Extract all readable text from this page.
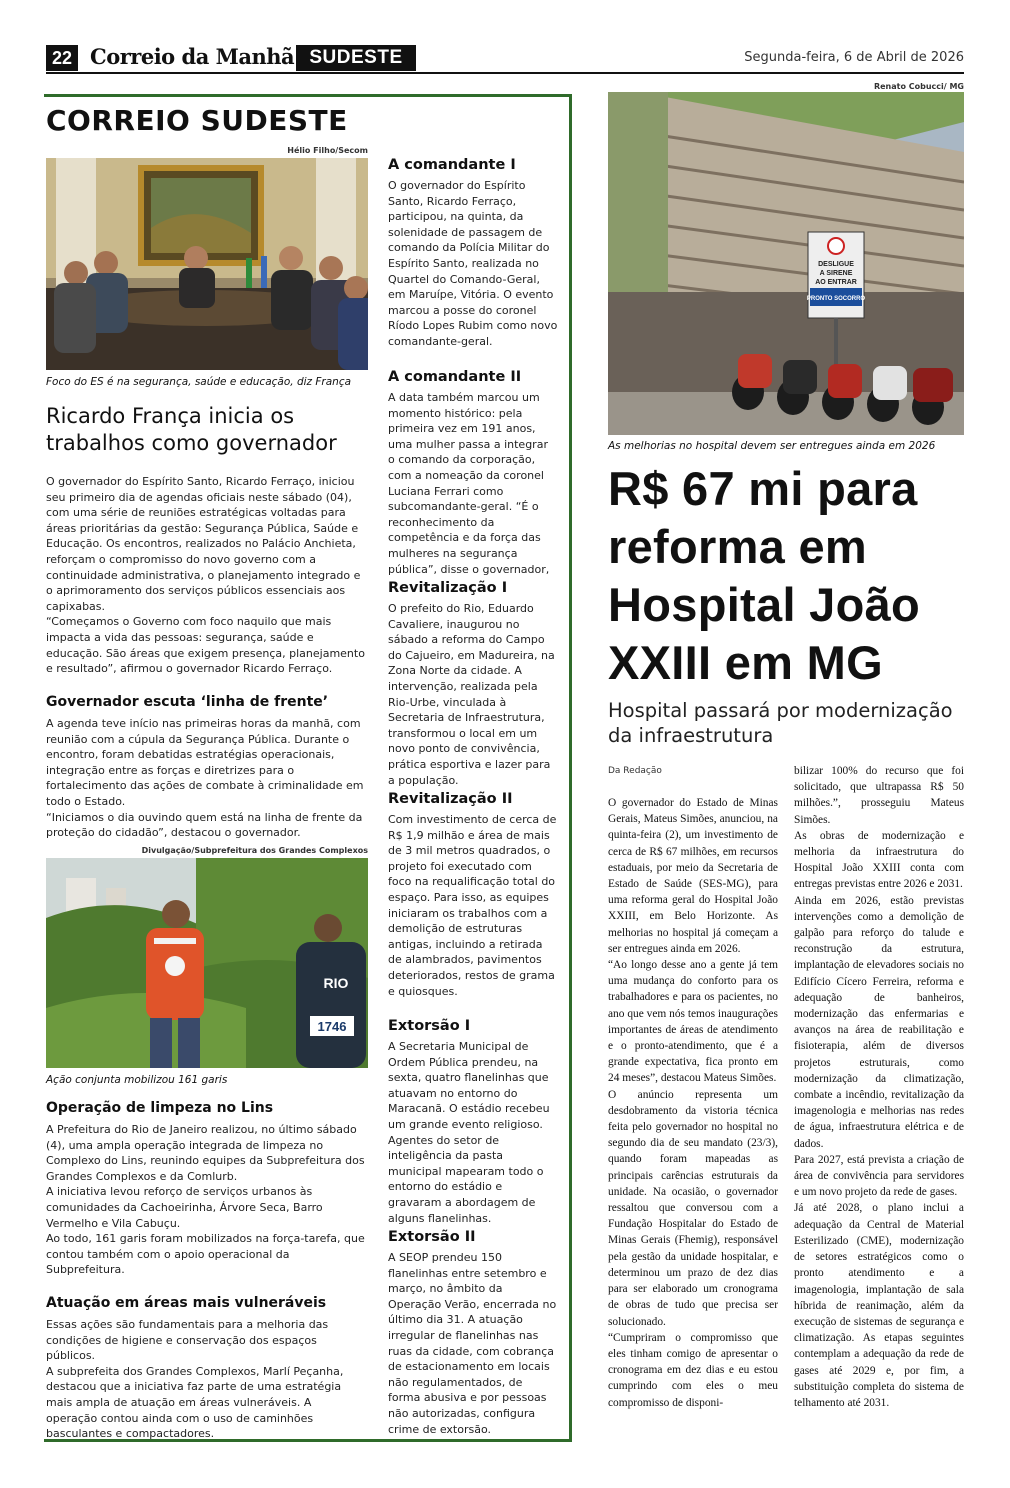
22 Correio da Manhã SUDESTE	Segunda-feira, 6 de Abril de 2026
CORREIO SUDESTE
Hélio Filho/Secom
Foco do ES é na segurança, saúde e educação, diz França
Ricardo França inicia os trabalhos como governador
O governador do Espírito Santo, Ricardo Ferraço, iniciou seu primeiro dia de agendas oficiais neste sábado (04), com uma série de reuniões estratégicas voltadas para áreas prioritárias da gestão: Segurança Pública, Saúde e Educação. Os encontros, realizados no Palácio Anchieta, reforçam o compromisso do novo governo com a continuidade administrativa, o planejamento integrado e o aprimoramento dos serviços públicos essenciais aos capixabas.
“Começamos o Governo com foco naquilo que mais impacta a vida das pessoas: segurança, saúde e educação. São áreas que exigem presença, planejamento e resultado”, afirmou o governador Ricardo Ferraço.
Governador escuta ‘linha de frente’
A agenda teve início nas primeiras horas da manhã, com reunião com a cúpula da Segurança Pública. Durante o encontro, foram debatidas estratégias operacionais, integração entre as forças e diretrizes para o fortalecimento das ações de combate à criminalidade em todo o Estado.
“Iniciamos o dia ouvindo quem está na linha de frente da proteção do cidadão”, destacou o governador.
Divulgação/Subprefeitura dos Grandes Complexos
RIO
1746
Ação conjunta mobilizou 161 garis
Operação de limpeza no Lins
A Prefeitura do Rio de Janeiro realizou, no último sábado (4), uma ampla operação integrada de limpeza no Complexo do Lins, reunindo equipes da Subprefeitura dos Grandes Complexos e da Comlurb.
A iniciativa levou reforço de serviços urbanos às comunidades da Cachoeirinha, Árvore Seca, Barro Vermelho e Vila Cabuçu.
Ao todo, 161 garis foram mobilizados na força-tarefa, que contou também com o apoio operacional da Subprefeitura.
Atuação em áreas mais vulneráveis
Essas ações são fundamentais para a melhoria das condições de higiene e conservação dos espaços públicos.
A subprefeita dos Grandes Complexos, Marlí Peçanha, destacou que a iniciativa faz parte de uma estratégia mais ampla de atuação em áreas vulneráveis. A operação contou ainda com o uso de caminhões basculantes e compactadores.
A comandante I
O governador do Espírito Santo, Ricardo Ferraço, participou, na quinta, da solenidade de passagem de comando da Polícia Militar do Espírito Santo, realizada no Quartel do Comando-Geral, em Maruípe, Vitória. O evento marcou a posse do coronel Ríodo Lopes Rubim como novo comandante-geral.
A comandante II
A data também marcou um momento histórico: pela primeira vez em 191 anos, uma mulher passa a integrar o comando da corporação, com a nomeação da coronel Luciana Ferrari como subcomandante-geral. “É o reconhecimento da competência e da força das mulheres na segurança pública”, disse o governador,
Revitalização I
O prefeito do Rio, Eduardo Cavaliere, inaugurou no sábado a reforma do Campo do Cajueiro, em Madureira, na Zona Norte da cidade. A intervenção, realizada pela Rio-Urbe, vinculada à Secretaria de Infraestrutura, transformou o local em um novo ponto de convivência, prática esportiva e lazer para a população.
Revitalização II
Com investimento de cerca de R$ 1,9 milhão e área de mais de 3 mil metros quadrados, o projeto foi executado com foco na requalificação total do espaço. Para isso, as equipes iniciaram os trabalhos com a demolição de estruturas antigas, incluindo a retirada de alambrados, pavimentos deteriorados, restos de grama e quiosques.
Extorsão I
A Secretaria Municipal de Ordem Pública prendeu, na sexta, quatro flanelinhas que atuavam no entorno do Maracanã. O estádio recebeu um grande evento religioso. Agentes do setor de inteligência da pasta municipal mapearam todo o entorno do estádio e gravaram a abordagem de alguns flanelinhas.
Extorsão II
A SEOP prendeu 150 flanelinhas entre setembro e março, no âmbito da Operação Verão, encerrada no último dia 31. A atuação irregular de flanelinhas nas ruas da cidade, com cobrança de estacionamento em locais não regulamentados, de forma abusiva e por pessoas não autorizadas, configura crime de extorsão.
Renato Cobucci/ MG
DESLIGUE
A SIRENE
AO ENTRAR
PRONTO SOCORRO
As melhorias no hospital devem ser entregues ainda em 2026
R$ 67 mi para reforma em Hospital João XXIII em MG
Hospital passará por modernização da infraestrutura
Da Redação
O governador do Estado de Minas Gerais, Mateus Simões, anunciou, na quinta-feira (2), um investimento de cerca de R$ 67 milhões, em recursos estaduais, por meio da Secretaria de Estado de Saúde (SES-MG), para uma reforma geral do Hospital João XXIII, em Belo Horizonte. As melhorias no hospital já começam a ser entregues ainda em 2026.
“Ao longo desse ano a gente já tem uma mudança do conforto para os trabalhadores e para os pacientes, no ano que vem nós temos inaugurações importantes de áreas de atendimento e o pronto-atendimento, que é a grande expectativa, fica pronto em 24 meses”, destacou Mateus Simões.
O anúncio representa um desdobramento da vistoria técnica feita pelo governador no hospital no segundo dia de seu mandato (23/3), quando foram mapeadas as principais carências estruturais da unidade. Na ocasião, o governador ressaltou que conversou com a Fundação Hospitalar do Estado de Minas Gerais (Fhemig), responsável pela gestão da unidade hospitalar, e determinou um prazo de dez dias para ser elaborado um cronograma de obras de tudo que precisa ser solucionado.
“Cumpriram o compromisso que eles tinham comigo de apresentar o cronograma em dez dias e eu estou cumprindo com eles o meu compromisso de disponi-
bilizar 100% do recurso que foi solicitado, que ultrapassa R$ 50 milhões.”, prosseguiu Mateus Simões.
As obras de modernização e melhoria da infraestrutura do Hospital João XXIII conta com entregas previstas entre 2026 e 2031.
Ainda em 2026, estão previstas intervenções como a demolição de galpão para reforço do talude e reconstrução da estrutura, implantação de elevadores sociais no Edifício Cícero Ferreira, reforma e adequação de banheiros, modernização das enfermarias e avanços na área de reabilitação e fisioterapia, além de diversos projetos estruturais, como modernização da climatização, combate a incêndio, revitalização da imagenologia e melhorias nas redes de água, infraestrutura elétrica e de dados.
Para 2027, está prevista a criação de área de convivência para servidores e um novo projeto da rede de gases.
Já até 2028, o plano inclui a adequação da Central de Material Esterilizado (CME), modernização de setores estratégicos como o pronto atendimento e a imagenologia, implantação de sala híbrida de reanimação, além da execução de sistemas de segurança e climatização. As etapas seguintes contemplam a adequação da rede de gases até 2029 e, por fim, a substituição completa do sistema de telhamento até 2031.
